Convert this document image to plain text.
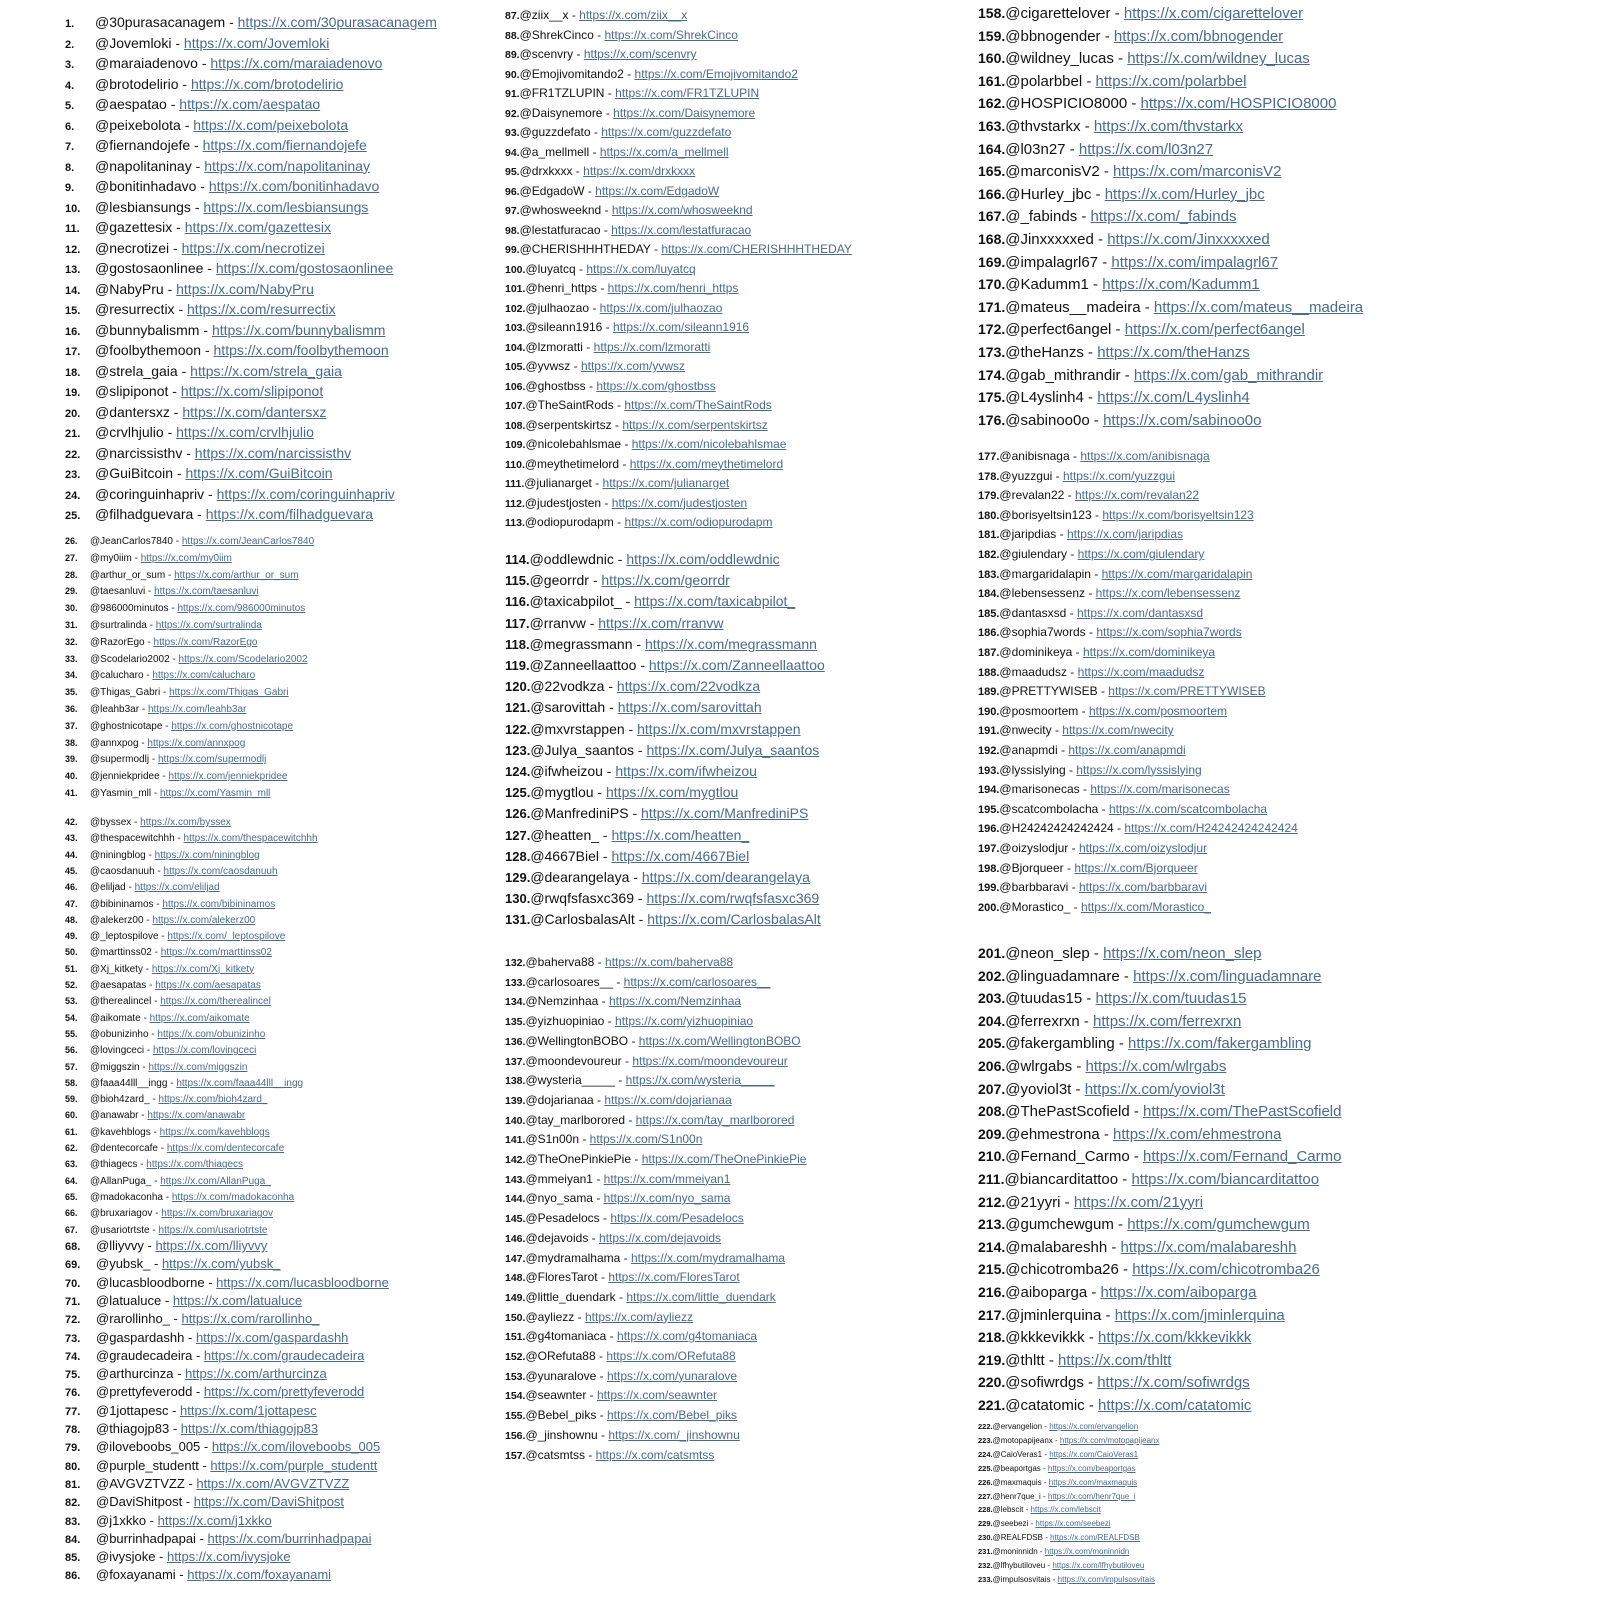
1. @30purasacanagem - https://x.com/30purasacanagem
2. @Jovemloki - https://x.com/Jovemloki
3. @maraiadenovo - https://x.com/maraiadenovo
4. @brotodelirio - https://x.com/brotodelirio
5. @aespatao - https://x.com/aespatao
6. @peixebolota - https://x.com/peixebolota
7. @fiernandojefe - https://x.com/fiernandojefe
8. @napolitaninay - https://x.com/napolitaninay
9. @bonitinhadavo - https://x.com/bonitinhadavo
10. @lesbiansungs - https://x.com/lesbiansungs
11. @gazettesix - https://x.com/gazettesix
12. @necrotizei - https://x.com/necrotizei
13. @gostosaonlinee - https://x.com/gostosaonlinee
14. @NabyPru - https://x.com/NabyPru
15. @resurrectix - https://x.com/resurrectix
16. @bunnybalismm - https://x.com/bunnybalismm
17. @foolbythemoon - https://x.com/foolbythemoon
18. @strela_gaia - https://x.com/strela_gaia
19. @slipiponot - https://x.com/slipiponot
20. @dantersxz - https://x.com/dantersxz
21. @crvlhjulio - https://x.com/crvlhjulio
22. @narcissisthv - https://x.com/narcissisthv
23. @GuiBitcoin - https://x.com/GuiBitcoin
24. @coringuinhapriv - https://x.com/coringuinhapriv
25. @filhadguevara - https://x.com/filhadguevara
26. @JeanCarlos7840 - https://x.com/JeanCarlos7840
27. @my0iim - https://x.com/my0iim
28. @arthur_or_sum - https://x.com/arthur_or_sum
29. @taesanluvi - https://x.com/taesanluvi
30. @986000minutos - https://x.com/986000minutos
31. @surtralinda - https://x.com/surtralinda
32. @RazorEgo - https://x.com/RazorEgo
33. @Scodelario2002 - https://x.com/Scodelario2002
34. @calucharo - https://x.com/calucharo
35. @Thigas_Gabri - https://x.com/Thigas_Gabri
36. @leahb3ar - https://x.com/leahb3ar
37. @ghostnicotape - https://x.com/ghostnicotape
38. @annxpog - https://x.com/annxpog
39. @supermodlj - https://x.com/supermodlj
40. @jenniekpridee - https://x.com/jenniekpridee
41. @Yasmin_mll - https://x.com/Yasmin_mll
42. @byssex - https://x.com/byssex
43. @thespacewitchhh - https://x.com/thespacewitchhh
44. @niningblog - https://x.com/niningblog
45. @caosdanuuh - https://x.com/caosdanuuh
46. @eliljad - https://x.com/eliljad
47. @bibininamos - https://x.com/bibininamos
48. @alekerz00 - https://x.com/alekerz00
49. @_leptospilove - https://x.com/_leptospilove
50. @marttinss02 - https://x.com/marttinss02
51. @Xj_kitkety - https://x.com/Xj_kitkety
52. @aesapatas - https://x.com/aesapatas
53. @therealincel - https://x.com/therealincel
54. @aikomate - https://x.com/aikomate
55. @obunizinho - https://x.com/obunizinho
56. @lovingceci - https://x.com/lovingceci
57. @miggszin - https://x.com/miggszin
58. @faaa44lll__ingg - https://x.com/faaa44lll__ingg
59. @bioh4zard_ - https://x.com/bioh4zard_
60. @anawabr - https://x.com/anawabr
61. @kavehblogs - https://x.com/kavehblogs
62. @dentecorcafe - https://x.com/dentecorcafe
63. @thiagecs - https://x.com/thiagecs
64. @AllanPuga_ - https://x.com/AllanPuga_
65. @madokaconha - https://x.com/madokaconha
66. @bruxariagov - https://x.com/bruxariagov
67. @usariotrtste - https://x.com/usariotrtste
68. @lliyvvy - https://x.com/lliyvvy
69. @yubsk_ - https://x.com/yubsk_
70. @lucasbloodborne - https://x.com/lucasbloodborne
71. @latualuce - https://x.com/latualuce
72. @rarollinho_ - https://x.com/rarollinho_
73. @gaspardashh - https://x.com/gaspardashh
74. @graudecadeira - https://x.com/graudecadeira
75. @arthurcinza - https://x.com/arthurcinza
76. @prettyfeverodd - https://x.com/prettyfeverodd
77. @1jottapesc - https://x.com/1jottapesc
78. @thiagojp83 - https://x.com/thiagojp83
79. @iloveboobs_005 - https://x.com/iloveboobs_005
80. @purple_studentt - https://x.com/purple_studentt
81. @AVGVZTVZZ - https://x.com/AVGVZTVZZ
82. @DaviShitpost - https://x.com/DaviShitpost
83. @j1xkko - https://x.com/j1xkko
84. @burrinhadpapai - https://x.com/burrinhadpapai
85. @ivysjoke - https://x.com/ivysjoke
86. @foxayanami - https://x.com/foxayanami
87.@ziix__x - https://x.com/ziix__x
88.@ShrekCinco - https://x.com/ShrekCinco
89.@scenvry - https://x.com/scenvry
90.@Emojivomitando2 - https://x.com/Emojivomitando2
91.@FR1TZLUPIN - https://x.com/FR1TZLUPIN
92.@Daisynemore - https://x.com/Daisynemore
93.@guzzdefato - https://x.com/guzzdefato
94.@a_mellmell - https://x.com/a_mellmell
95.@drxkxxx - https://x.com/drxkxxx
96.@EdgadoW - https://x.com/EdgadoW
97.@whosweeknd - https://x.com/whosweeknd
98.@lestatfuracao - https://x.com/lestatfuracao
99.@CHERISHHHTHEDAY - https://x.com/CHERISHHHTHEDAY
100.@luyatcq - https://x.com/luyatcq
101.@henri_https - https://x.com/henri_https
102.@julhaozao - https://x.com/julhaozao
103.@sileann1916 - https://x.com/sileann1916
104.@lzmoratti - https://x.com/lzmoratti
105.@yvwsz - https://x.com/yvwsz
106.@ghostbss - https://x.com/ghostbss
107.@TheSaintRods - https://x.com/TheSaintRods
108.@serpentskirtsz - https://x.com/serpentskirtsz
109.@nicolebahlsmae - https://x.com/nicolebahlsmae
110.@meythetimelord - https://x.com/meythetimelord
111.@julianarget - https://x.com/julianarget
112.@judestjosten - https://x.com/judestjosten
113.@odiopurodapm - https://x.com/odiopurodapm
114.@oddlewdnic - https://x.com/oddlewdnic
115.@georrdr - https://x.com/georrdr
116.@taxicabpilot_ - https://x.com/taxicabpilot_
117.@rranvw - https://x.com/rranvw
118.@megrassmann - https://x.com/megrassmann
119.@Zanneellaattoo - https://x.com/Zanneellaattoo
120.@22vodkza - https://x.com/22vodkza
121.@sarovittah - https://x.com/sarovittah
122.@mxvrstappen - https://x.com/mxvrstappen
123.@Julya_saantos - https://x.com/Julya_saantos
124.@ifwheizou - https://x.com/ifwheizou
125.@mygtlou - https://x.com/mygtlou
126.@ManfrediniPS - https://x.com/ManfrediniPS
127.@heatten_ - https://x.com/heatten_
128.@4667Biel - https://x.com/4667Biel
129.@dearangelaya - https://x.com/dearangelaya
130.@rwqfsfasxc369 - https://x.com/rwqfsfasxc369
131.@CarlosbalasAlt - https://x.com/CarlosbalasAlt
132.@baherva88 - https://x.com/baherva88
133.@carlosoares__ - https://x.com/carlosoares__
134.@Nemzinhaa - https://x.com/Nemzinhaa
135.@yizhuopiniao - https://x.com/yizhuopiniao
136.@WellingtonBOBO - https://x.com/WellingtonBOBO
137.@moondevoureur - https://x.com/moondevoureur
138.@wysteria_____ - https://x.com/wysteria_____
139.@dojarianaa - https://x.com/dojarianaa
140.@tay_marlborored - https://x.com/tay_marlborored
141.@S1n00n - https://x.com/S1n00n
142.@TheOnePinkiePie - https://x.com/TheOnePinkiePie
143.@mmeiyan1 - https://x.com/mmeiyan1
144.@nyo_sama - https://x.com/nyo_sama
145.@Pesadelocs - https://x.com/Pesadelocs
146.@dejavoids - https://x.com/dejavoids
147.@mydramalhama - https://x.com/mydramalhama
148.@FloresTarot - https://x.com/FloresTarot
149.@little_duendark - https://x.com/little_duendark
150.@ayliezz - https://x.com/ayliezz
151.@g4tomaniaca - https://x.com/g4tomaniaca
152.@ORefuta88 - https://x.com/ORefuta88
153.@yunaralove - https://x.com/yunaralove
154.@seawnter - https://x.com/seawnter
155.@Bebel_piks - https://x.com/Bebel_piks
156.@_jinshownu - https://x.com/_jinshownu
157.@catsmtss - https://x.com/catsmtss
158.@cigarettelover - https://x.com/cigarettelover
159.@bbnogender - https://x.com/bbnogender
160.@wildney_lucas - https://x.com/wildney_lucas
161.@polarbbel - https://x.com/polarbbel
162.@HOSPICIO8000 - https://x.com/HOSPICIO8000
163.@thvstarkx - https://x.com/thvstarkx
164.@l03n27 - https://x.com/l03n27
165.@marconisV2 - https://x.com/marconisV2
166.@Hurley_jbc - https://x.com/Hurley_jbc
167.@_fabinds - https://x.com/_fabinds
168.@Jinxxxxxed - https://x.com/Jinxxxxxed
169.@impalagrl67 - https://x.com/impalagrl67
170.@Kadumm1 - https://x.com/Kadumm1
171.@mateus__madeira - https://x.com/mateus__madeira
172.@perfect6angel - https://x.com/perfect6angel
173.@theHanzs - https://x.com/theHanzs
174.@gab_mithrandir - https://x.com/gab_mithrandir
175.@L4yslinh4 - https://x.com/L4yslinh4
176.@sabinoo0o - https://x.com/sabinoo0o
177.@anibisnaga - https://x.com/anibisnaga
178.@yuzzgui - https://x.com/yuzzgui
179.@revalan22 - https://x.com/revalan22
180.@borisyeltsin123 - https://x.com/borisyeltsin123
181.@jaripdias - https://x.com/jaripdias
182.@giulendary - https://x.com/giulendary
183.@margaridalapin - https://x.com/margaridalapin
184.@lebensessenz - https://x.com/lebensessenz
185.@dantasxsd - https://x.com/dantasxsd
186.@sophia7words - https://x.com/sophia7words
187.@dominikeya - https://x.com/dominikeya
188.@maadudsz - https://x.com/maadudsz
189.@PRETTYWISEB - https://x.com/PRETTYWISEB
190.@posmoortem - https://x.com/posmoortem
191.@nwecity - https://x.com/nwecity
192.@anapmdi - https://x.com/anapmdi
193.@lyssislying - https://x.com/lyssislying
194.@marisonecas - https://x.com/marisonecas
195.@scatcombolacha - https://x.com/scatcombolacha
196.@H24242424242424 - https://x.com/H24242424242424
197.@oizyslodjur - https://x.com/oizyslodjur
198.@Bjorqueer - https://x.com/Bjorqueer
199.@barbbaravi - https://x.com/barbbaravi
200.@Morastico_ - https://x.com/Morastico_
201.@neon_slep - https://x.com/neon_slep
202.@linguadamnare - https://x.com/linguadamnare
203.@tuudas15 - https://x.com/tuudas15
204.@ferrexrxn - https://x.com/ferrexrxn
205.@fakergambling - https://x.com/fakergambling
206.@wlrgabs - https://x.com/wlrgabs
207.@yoviol3t - https://x.com/yoviol3t
208.@ThePastScofield - https://x.com/ThePastScofield
209.@ehmestrona - https://x.com/ehmestrona
210.@Fernand_Carmo - https://x.com/Fernand_Carmo
211.@biancarditattoo - https://x.com/biancarditattoo
212.@21yyri - https://x.com/21yyri
213.@gumchewgum - https://x.com/gumchewgum
214.@malabareshh - https://x.com/malabareshh
215.@chicotromba26 - https://x.com/chicotromba26
216.@aiboparga - https://x.com/aiboparga
217.@jminlerquina - https://x.com/jminlerquina
218.@kkkevikkk - https://x.com/kkkevikkk
219.@thltt - https://x.com/thltt
220.@sofiwrdgs - https://x.com/sofiwrdgs
221.@catatomic - https://x.com/catatomic
222.@ervangelion - https://x.com/ervangelion
223.@motopapijeanx - https://x.com/motopapijeanx
224.@CaioVeras1 - https://x.com/CaioVeras1
225.@beaportgas - https://x.com/beaportgas
226.@maxmaquis - https://x.com/maxmaquis
227.@henr7que_i - https://x.com/henr7que_i
228.@lebscit - https://x.com/lebscit
229.@seebezi - https://x.com/seebezi
230.@REALFDSB - https://x.com/REALFDSB
231.@moninnidn - https://x.com/moninnidn
232.@lfhybutiloveu - https://x.com/lfhybutiloveu
233.@impulsosvitais - https://x.com/impulsosvitais
